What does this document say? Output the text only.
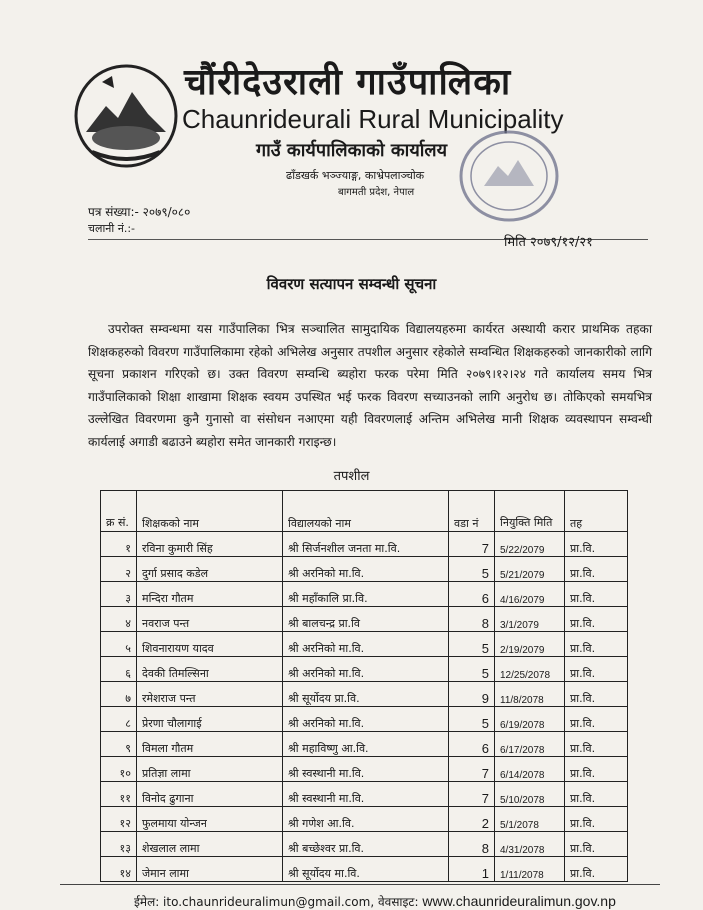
चौंरीदेउराली गाउँपालिका
Chaunrideurali Rural Municipality
गाउँ कार्यपालिकाको कार्यालय
ढाँडखर्क भञ्ज्याङ्ग, काभ्रेपलाञ्चोक
बागमती प्रदेश, नेपाल
पत्र संख्या:- २०७९/०८०
चलानी नं.:-
मिति २०७९/१२/२१
विवरण सत्यापन सम्वन्धी सूचना

उपरोक्त सम्वन्धमा यस गाउँपालिका भित्र सञ्चालित सामुदायिक विद्यालयहरुमा कार्यरत अस्थायी करार प्राथमिक तहका शिक्षकहरुको विवरण गाउँपालिकामा रहेको अभिलेख अनुसार तपशील अनुसार रहेकोले सम्वन्धित शिक्षकहरुको जानकारीको लागि सूचना प्रकाशन गरिएको छ। उक्त विवरण सम्वन्धि ब्यहोरा फरक परेमा मिति २०७९।१२।२४ गते कार्यालय समय भित्र गाउँपालिकाको शिक्षा शाखामा शिक्षक स्वयम उपस्थित भई फरक विवरण सच्याउनको लागि अनुरोध छ। तोकिएको समयभित्र उल्लेखित विवरणमा कुनै गुनासो वा संसोधन नआएमा यही विवरणलाई अन्तिम अभिलेख मानी शिक्षक व्यवस्थापन सम्वन्धी कार्यलाई अगाडी बढाउने ब्यहोरा समेत जानकारी गराइन्छ।

तपशील
क्र सं.	शिक्षकको नाम	विद्यालयको नाम	वडा नं	नियुक्ति मिति	तह
१	रविना कुमारी सिंह	श्री सिर्जनशील जनता मा.वि.	7	5/22/2079	प्रा.वि.
२	दुर्गा प्रसाद कडेल	श्री अरनिको मा.वि.	5	5/21/2079	प्रा.वि.
३	मन्दिरा गौतम	श्री महाँकालि प्रा.वि.	6	4/16/2079	प्रा.वि.
४	नवराज पन्त	श्री बालचन्द्र प्रा.वि	8	3/1/2079	प्रा.वि.
५	शिवनारायण यादव	श्री अरनिको मा.वि.	5	2/19/2079	प्रा.वि.
६	देवकी तिमल्सिना	श्री अरनिको मा.वि.	5	12/25/2078	प्रा.वि.
७	रमेशराज पन्त	श्री सूर्योदय प्रा.वि.	9	11/8/2078	प्रा.वि.
८	प्रेरणा चौलागाई	श्री अरनिको मा.वि.	5	6/19/2078	प्रा.वि.
९	विमला गौतम	श्री महाविष्णु आ.वि.	6	6/17/2078	प्रा.वि.
१०	प्रतिज्ञा लामा	श्री स्वस्थानी मा.वि.	7	6/14/2078	प्रा.वि.
११	विनोद ढुगाना	श्री स्वस्थानी मा.वि.	7	5/10/2078	प्रा.वि.
१२	फुलमाया योन्जन	श्री गणेश आ.वि.	2	5/1/2078	प्रा.वि.
१३	शेखलाल लामा	श्री बच्छेश्वर प्रा.वि.	8	4/31/2078	प्रा.वि.
१४	जेमान लामा	श्री सूर्योदय मा.वि.	1	1/11/2078	प्रा.वि.
ईमेल: ito.chaunrideuralimun@gmail.com, वेवसाइट: www.chaunrideuralimun.gov.np
